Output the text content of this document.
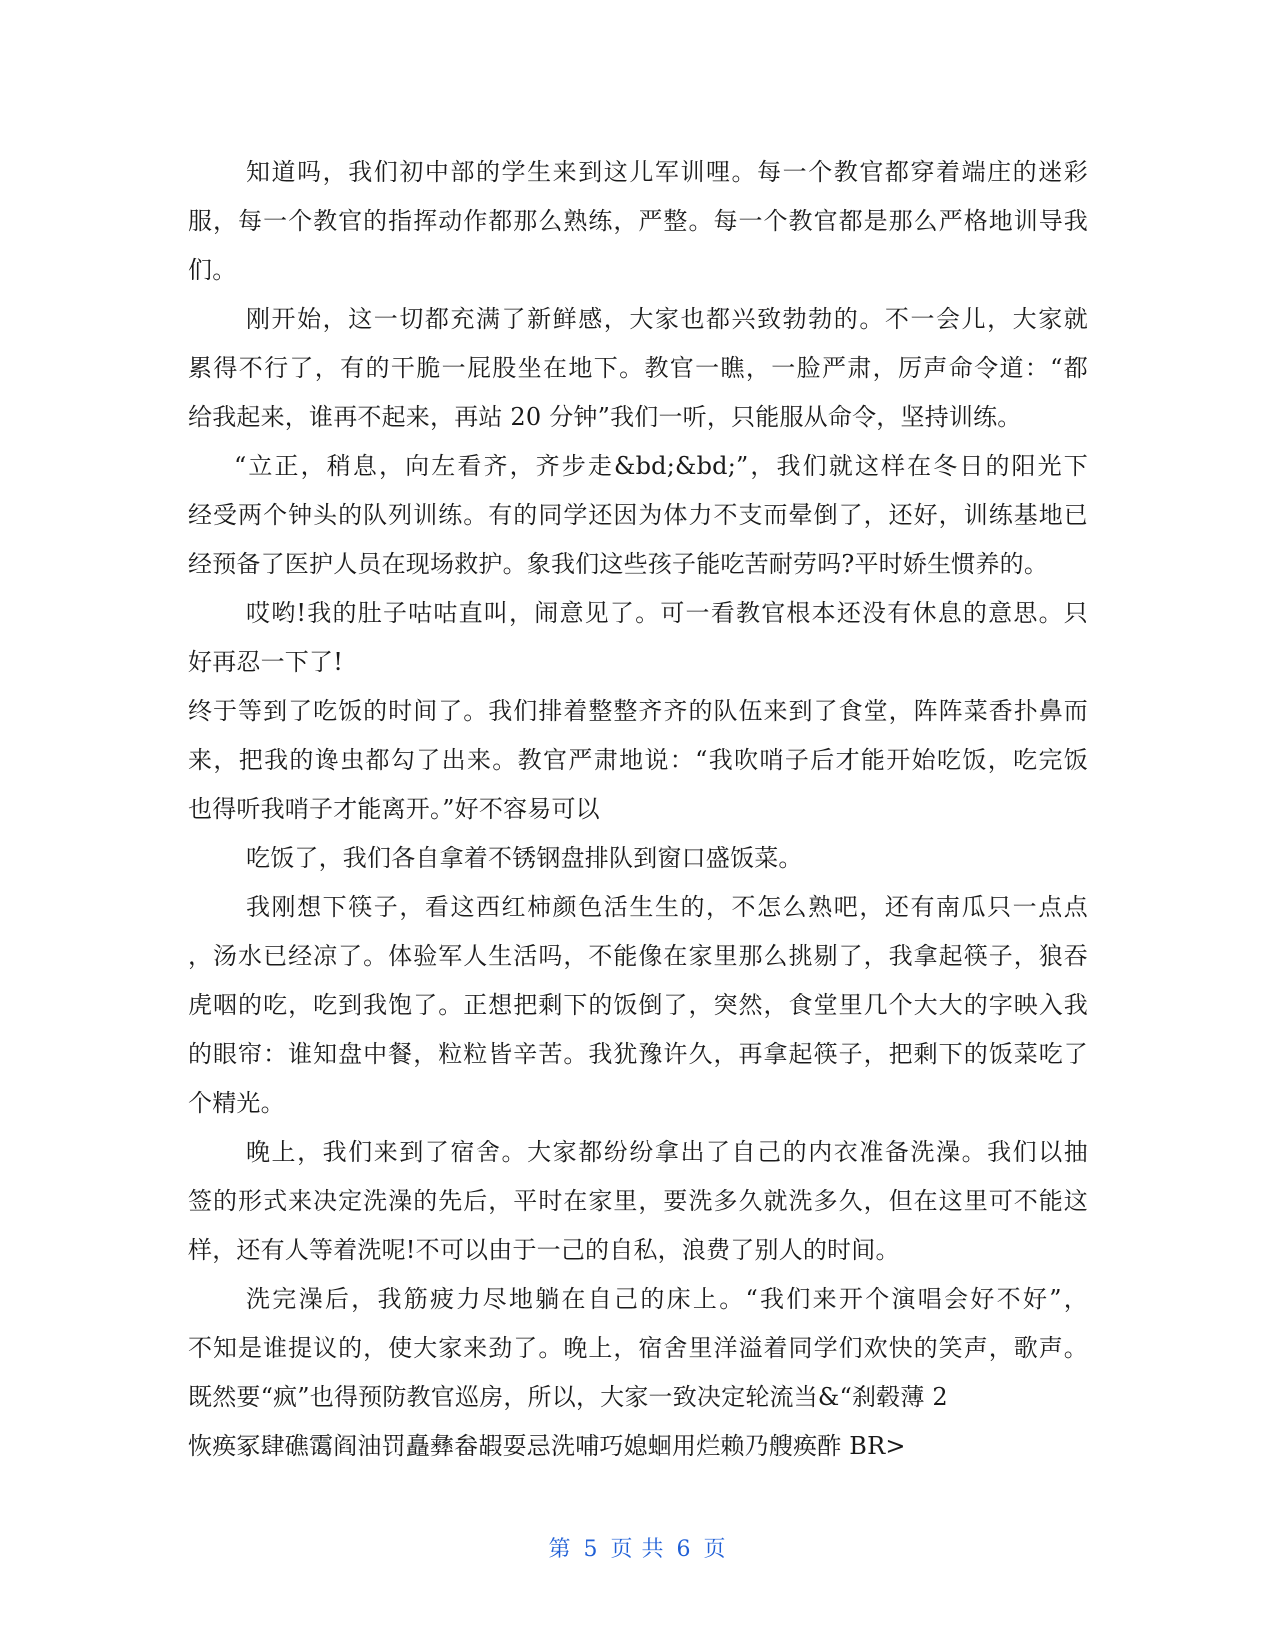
知道吗，我们初中部的学生来到这儿军训哩。每一个教官都穿着端庄的迷彩
服，每一个教官的指挥动作都那么熟练，严整。每一个教官都是那么严格地训导我
们。
刚开始，这一切都充满了新鲜感，大家也都兴致勃勃的。不一会儿，大家就
累得不行了，有的干脆一屁股坐在地下。教官一瞧，一脸严肃，厉声命令道：“都
给我起来，谁再不起来，再站 20 分钟”我们一听，只能服从命令，坚持训练。
“立正，稍息，向左看齐，齐步走&bd;&bd;”，我们就这样在冬日的阳光下
经受两个钟头的队列训练。有的同学还因为体力不支而晕倒了，还好，训练基地已
经预备了医护人员在现场救护。象我们这些孩子能吃苦耐劳吗?平时娇生惯养的。
哎哟!我的肚子咕咕直叫，闹意见了。可一看教官根本还没有休息的意思。只
好再忍一下了!
终于等到了吃饭的时间了。我们排着整整齐齐的队伍来到了食堂，阵阵菜香扑鼻而
来，把我的谗虫都勾了出来。教官严肃地说：“我吹哨子后才能开始吃饭，吃完饭
也得听我哨子才能离开。”好不容易可以
吃饭了，我们各自拿着不锈钢盘排队到窗口盛饭菜。
我刚想下筷子，看这西红柿颜色活生生的，不怎么熟吧，还有南瓜只一点点
，汤水已经凉了。体验军人生活吗，不能像在家里那么挑剔了，我拿起筷子，狼吞
虎咽的吃，吃到我饱了。正想把剩下的饭倒了，突然，食堂里几个大大的字映入我
的眼帘：谁知盘中餐，粒粒皆辛苦。我犹豫许久，再拿起筷子，把剩下的饭菜吃了
个精光。
晚上，我们来到了宿舍。大家都纷纷拿出了自己的内衣准备洗澡。我们以抽
签的形式来决定洗澡的先后，平时在家里，要洗多久就洗多久，但在这里可不能这
样，还有人等着洗呢!不可以由于一己的自私，浪费了别人的时间。
洗完澡后，我筋疲力尽地躺在自己的床上。“我们来开个演唱会好不好”，
不知是谁提议的，使大家来劲了。晚上，宿舍里洋溢着同学们欢快的笑声，歌声。
既然要“疯”也得预防教官巡房，所以，大家一致决定轮流当&“刹毂薄 2
恢痪冢肆礁霭阎油罚矗彝畚嘏耍忌洗哺巧媳蛔用烂赖乃艘痪酢 BR>
第 5 页 共 6 页
